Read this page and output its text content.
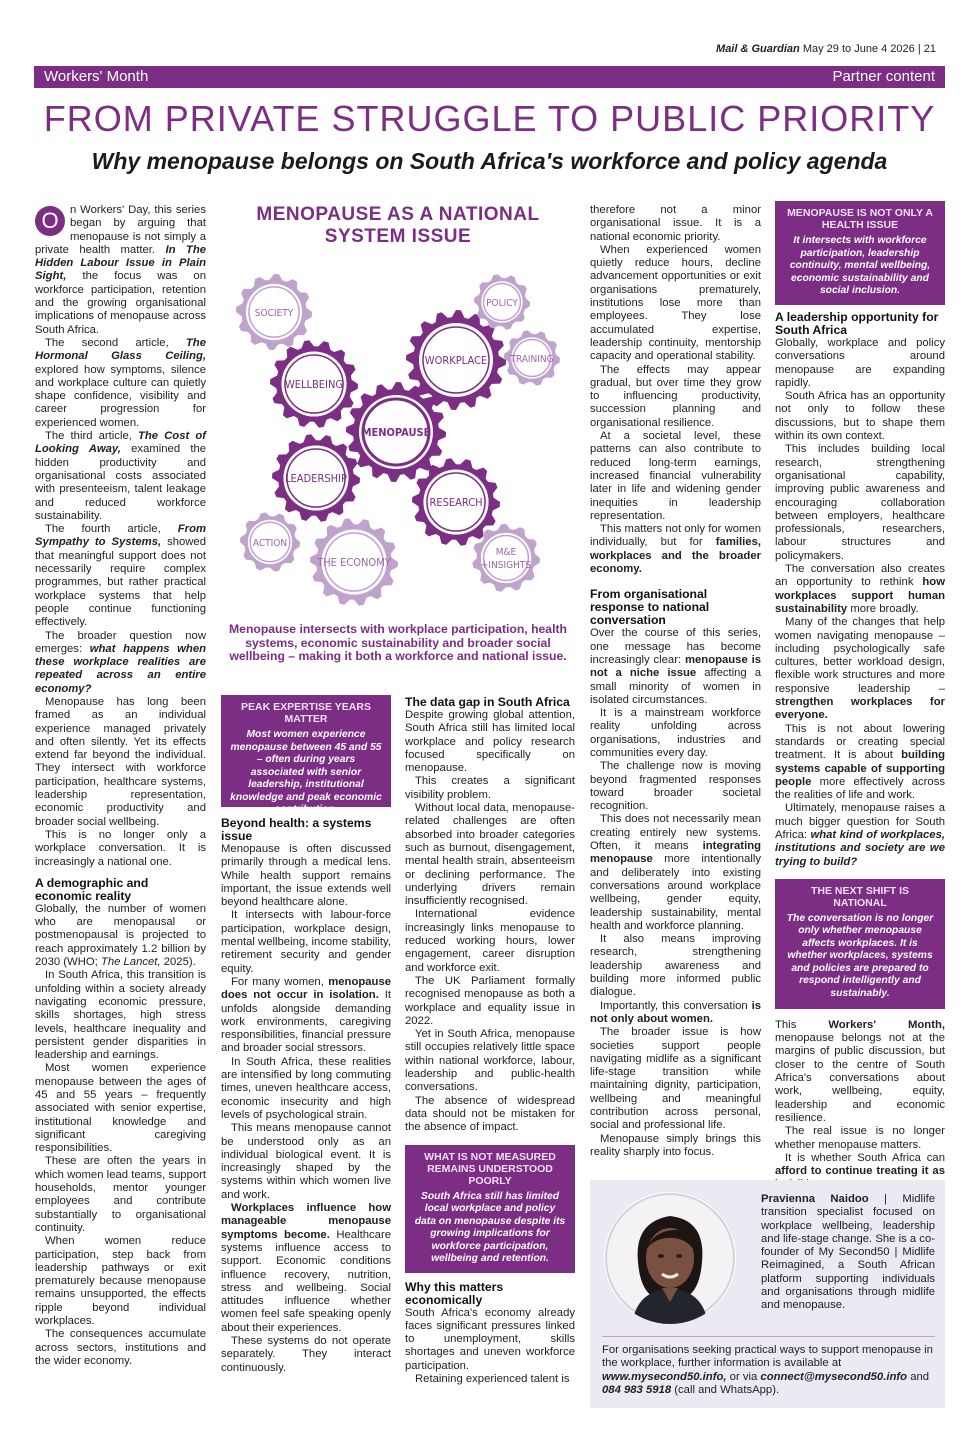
Mail & Guardian May 29 to June 4 2026 | 21
Workers' Month	Partner content
FROM PRIVATE STRUGGLE TO PUBLIC PRIORITY
Why menopause belongs on South Africa's workforce and policy agenda

O	n Workers' Day, this series began by arguing that menopause is not simply a private health matter. In The Hidden Labour Issue in Plain Sight, the focus was on workforce participation, retention and the growing organisational implications of menopause across South Africa.

The second article, The Hormonal Glass Ceiling, explored how symptoms, silence and workplace culture can quietly shape confidence, visibility and career progression for experienced women.

The third article, The Cost of Looking Away, examined the hidden productivity and organisational costs associated with presenteeism, talent leakage and reduced workforce sustainability.

The fourth article, From Sympathy to Systems, showed that meaningful support does not necessarily require complex programmes, but rather practical workplace systems that help people continue functioning effectively.

The broader question now emerges: what happens when these workplace realities are repeated across an entire economy?

Menopause has long been framed as an individual experience managed privately and often silently. Yet its effects extend far beyond the individual. They intersect with workforce participation, healthcare systems, leadership representation, economic productivity and broader social wellbeing.

This is no longer only a workplace conversation. It is increasingly a national one.

A demographic and economic reality

Globally, the number of women who are menopausal or postmenopausal is projected to reach approximately 1.2 billion by 2030 (WHO; The Lancet, 2025).

In South Africa, this transition is unfolding within a society already navigating economic pressure, skills shortages, high stress levels, healthcare inequality and persistent gender disparities in leadership and earnings.

Most women experience menopause between the ages of 45 and 55 years – frequently associated with senior expertise, institutional knowledge and significant caregiving responsibilities.

These are often the years in which women lead teams, support households, mentor younger employees and contribute substantially to organisational continuity.

When women reduce participation, step back from leadership pathways or exit prematurely because menopause remains unsupported, the effects ripple beyond individual workplaces.

The consequences accumulate across sectors, institutions and the wider economy.

MENOPAUSE AS A NATIONAL
SYSTEM ISSUE
SOCIETY
WELLBEING
WORKPLACE
POLICY
TRAINING
MENOPAUSE
LEADERSHIP
RESEARCH
ACTION
THE ECONOMY
M&E
+INSIGHTS
Menopause intersects with workplace participation, health systems, economic sustainability and broader social wellbeing – making it both a workforce and national issue.
PEAK EXPERTISE YEARS MATTER
Most women experience menopause between 45 and 55 – often during years associated with senior leadership, institutional knowledge and peak economic contribution.
Beyond health: a systems issue

Menopause is often discussed primarily through a medical lens. While health support remains important, the issue extends well beyond healthcare alone.

It intersects with labour-force participation, workplace design, mental wellbeing, income stability, retirement security and gender equity.

For many women, menopause does not occur in isolation. It unfolds alongside demanding work environments, caregiving responsibilities, financial pressure and broader social stressors.

In South Africa, these realities are intensified by long commuting times, uneven healthcare access, economic insecurity and high levels of psychological strain.

This means menopause cannot be understood only as an individual biological event. It is increasingly shaped by the systems within which women live and work.

Workplaces influence how manageable menopause symptoms become. Healthcare systems influence access to support. Economic conditions influence recovery, nutrition, stress and wellbeing. Social attitudes influence whether women feel safe speaking openly about their experiences.

These systems do not operate separately. They interact continuously.

The data gap in South Africa

Despite growing global attention, South Africa still has limited local workplace and policy research focused specifically on menopause.

This creates a significant visibility problem.

Without local data, menopause-related challenges are often absorbed into broader categories such as burnout, disengagement, mental health strain, absenteeism or declining performance. The underlying drivers remain insufficiently recognised.

International evidence increasingly links menopause to reduced working hours, lower engagement, career disruption and workforce exit.

The UK Parliament formally recognised menopause as both a workplace and equality issue in 2022.

Yet in South Africa, menopause still occupies relatively little space within national workforce, labour, leadership and public-health conversations.

The absence of widespread data should not be mistaken for the absence of impact.

WHAT IS NOT MEASURED REMAINS UNDERSTOOD POORLY
South Africa still has limited local workplace and policy data on menopause despite its growing implications for workforce participation, wellbeing and retention.
Why this matters economically

South Africa's economy already faces significant pressures linked to unemployment, skills shortages and uneven workforce participation.

Retaining experienced talent is

therefore not a minor organisational issue. It is a national economic priority.

When experienced women quietly reduce hours, decline advancement opportunities or exit organisations prematurely, institutions lose more than employees. They lose accumulated expertise, leadership continuity, mentorship capacity and operational stability.

The effects may appear gradual, but over time they grow to influencing productivity, succession planning and organisational resilience.

At a societal level, these patterns can also contribute to reduced long-term earnings, increased financial vulnerability later in life and widening gender inequities in leadership representation.

This matters not only for women individually, but for families, workplaces and the broader economy.

From organisational response to national conversation

Over the course of this series, one message has become increasingly clear: menopause is not a niche issue affecting a small minority of women in isolated circumstances.

It is a mainstream workforce reality unfolding across organisations, industries and communities every day.

The challenge now is moving beyond fragmented responses toward broader societal recognition.

This does not necessarily mean creating entirely new systems. Often, it means integrating menopause more intentionally and deliberately into existing conversations around workplace wellbeing, gender equity, leadership sustainability, mental health and workforce planning.

It also means improving research, strengthening leadership awareness and building more informed public dialogue.

Importantly, this conversation is not only about women.

The broader issue is how societies support people navigating midlife as a significant life-stage transition while maintaining dignity, participation, wellbeing and meaningful contribution across personal, social and professional life.

Menopause simply brings this reality sharply into focus.

MENOPAUSE IS NOT ONLY A HEALTH ISSUE
It intersects with workforce participation, leadership continuity, mental wellbeing, economic sustainability and social inclusion.
A leadership opportunity for South Africa

Globally, workplace and policy conversations around menopause are expanding rapidly.

South Africa has an opportunity not only to follow these discussions, but to shape them within its own context.

This includes building local research, strengthening organisational capability, improving public awareness and encouraging collaboration between employers, healthcare professionals, researchers, labour structures and policymakers.

The conversation also creates an opportunity to rethink how workplaces support human sustainability more broadly.

Many of the changes that help women navigating menopause – including psychologically safe cultures, better workload design, flexible work structures and more responsive leadership – strengthen workplaces for everyone.

This is not about lowering standards or creating special treatment. It is about building systems capable of supporting people more effectively across the realities of life and work.

Ultimately, menopause raises a much bigger question for South Africa: what kind of workplaces, institutions and society are we trying to build?

THE NEXT SHIFT IS NATIONAL
The conversation is no longer only whether menopause affects workplaces. It is whether workplaces, systems and policies are prepared to respond intelligently and sustainably.

This	Workers' Month, menopause belongs not at the margins of public discussion, but closer to the centre of South Africa's conversations about work, wellbeing, equity, leadership and economic resilience.

The real issue is no longer whether menopause matters.

It is whether South Africa can afford to continue treating it as

Pravienna Naidoo | Midlife transition specialist focused on workplace wellbeing, leadership and life-stage change. She is a co-founder of My Second50 | Midlife Reimagined, a South African platform supporting individuals and organisations through midlife and menopause.
For organisations seeking practical ways to support menopause in the workplace, further information is available at www.mysecond50.info, or via connect@mysecond50.info and 084 983 5918 (call and WhatsApp).
